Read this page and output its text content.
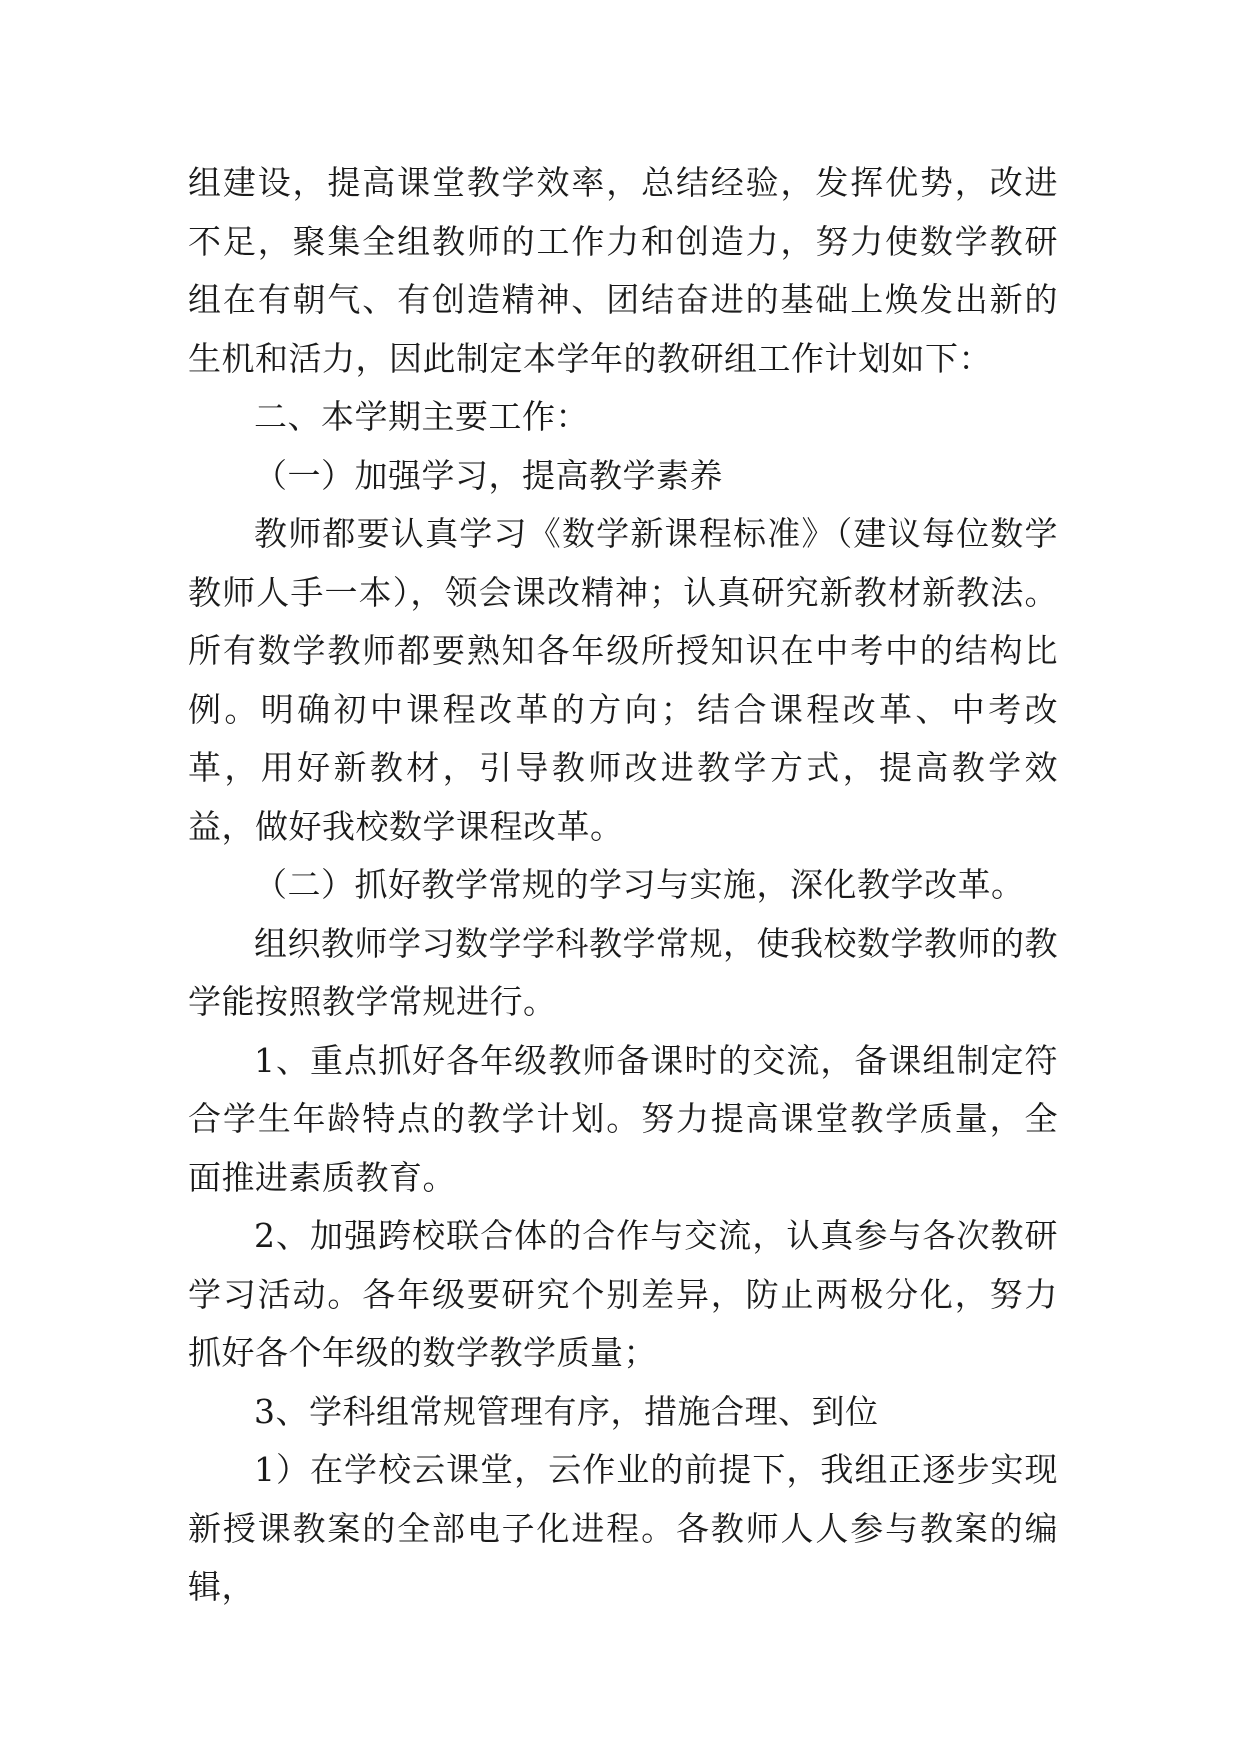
组建设，提高课堂教学效率，总结经验，发挥优势，改进不足，聚集全组教师的工作力和创造力，努力使数学教研组在有朝气、有创造精神、团结奋进的基础上焕发出新的生机和活力，因此制定本学年的教研组工作计划如下：

二、本学期主要工作：

（一）加强学习，提高教学素养

教师都要认真学习《数学新课程标准》（建议每位数学教师人手一本），领会课改精神；认真研究新教材新教法。所有数学教师都要熟知各年级所授知识在中考中的结构比例。明确初中课程改革的方向；结合课程改革、中考改革，用好新教材，引导教师改进教学方式，提高教学效益，做好我校数学课程改革。

（二）抓好教学常规的学习与实施，深化教学改革。

组织教师学习数学学科教学常规，使我校数学教师的教学能按照教学常规进行。

1、重点抓好各年级教师备课时的交流，备课组制定符合学生年龄特点的教学计划。努力提高课堂教学质量，全面推进素质教育。

2、加强跨校联合体的合作与交流，认真参与各次教研学习活动。各年级要研究个别差异，防止两极分化，努力抓好各个年级的数学教学质量；

3、学科组常规管理有序，措施合理、到位

1）在学校云课堂，云作业的前提下，我组正逐步实现新授课教案的全部电子化进程。各教师人人参与教案的编辑，
